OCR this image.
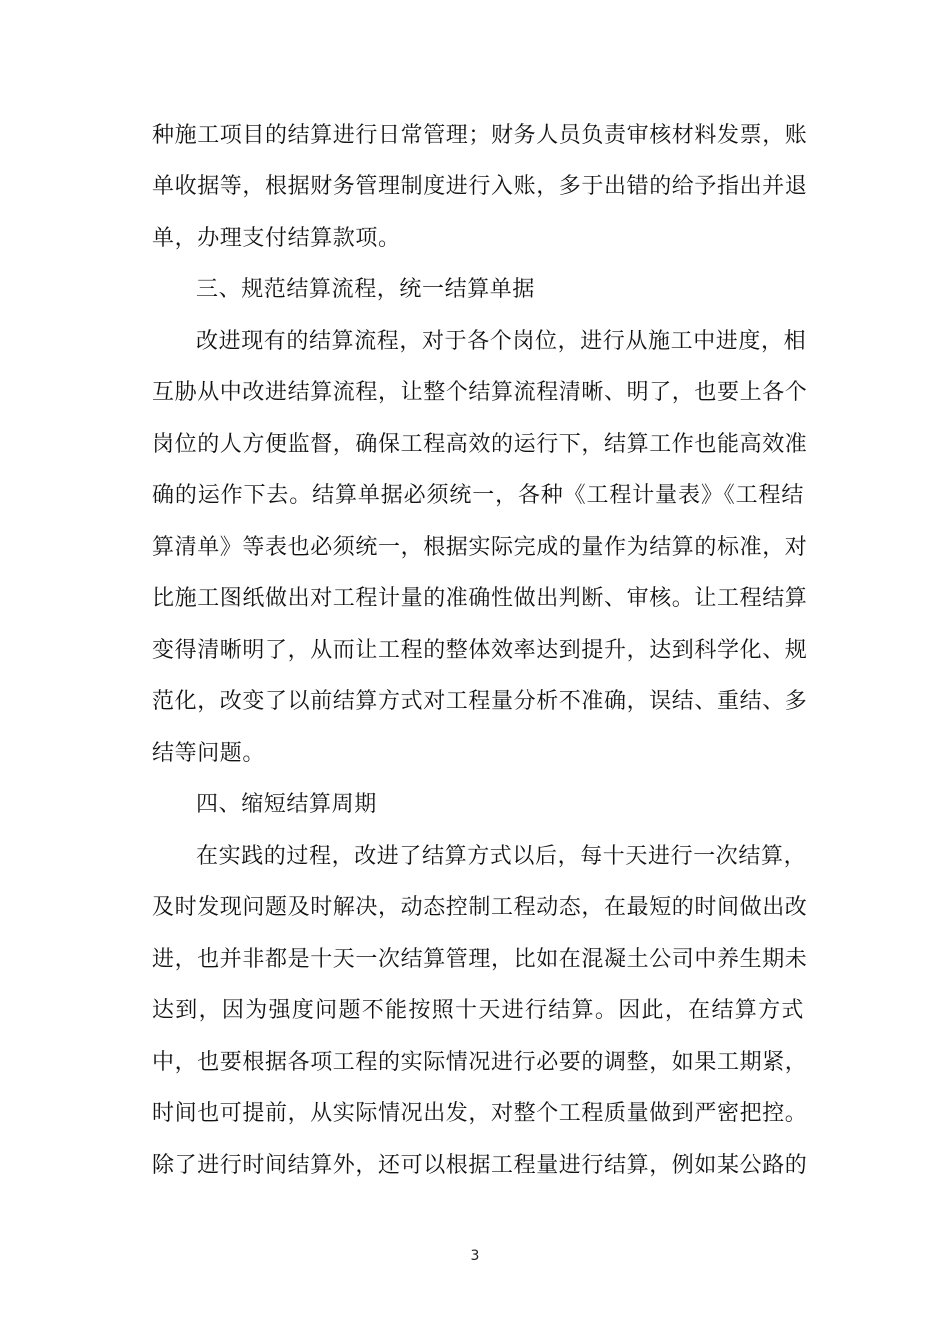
种施工项目的结算进行日常管理；财务人员负责审核材料发票，账
单收据等，根据财务管理制度进行入账，多于出错的给予指出并退
单，办理支付结算款项。
三、规范结算流程，统一结算单据
改进现有的结算流程，对于各个岗位，进行从施工中进度，相
互胁从中改进结算流程，让整个结算流程清晰、明了，也要上各个
岗位的人方便监督，确保工程高效的运行下，结算工作也能高效准
确的运作下去。结算单据必须统一，各种《工程计量表》《工程结
算清单》等表也必须统一，根据实际完成的量作为结算的标准，对
比施工图纸做出对工程计量的准确性做出判断、审核。让工程结算
变得清晰明了，从而让工程的整体效率达到提升，达到科学化、规
范化，改变了以前结算方式对工程量分析不准确，误结、重结、多
结等问题。
四、缩短结算周期
在实践的过程，改进了结算方式以后，每十天进行一次结算，
及时发现问题及时解决，动态控制工程动态，在最短的时间做出改
进，也并非都是十天一次结算管理，比如在混凝土公司中养生期未
达到，因为强度问题不能按照十天进行结算。因此，在结算方式
中，也要根据各项工程的实际情况进行必要的调整，如果工期紧，
时间也可提前，从实际情况出发，对整个工程质量做到严密把控。
除了进行时间结算外，还可以根据工程量进行结算，例如某公路的
3
